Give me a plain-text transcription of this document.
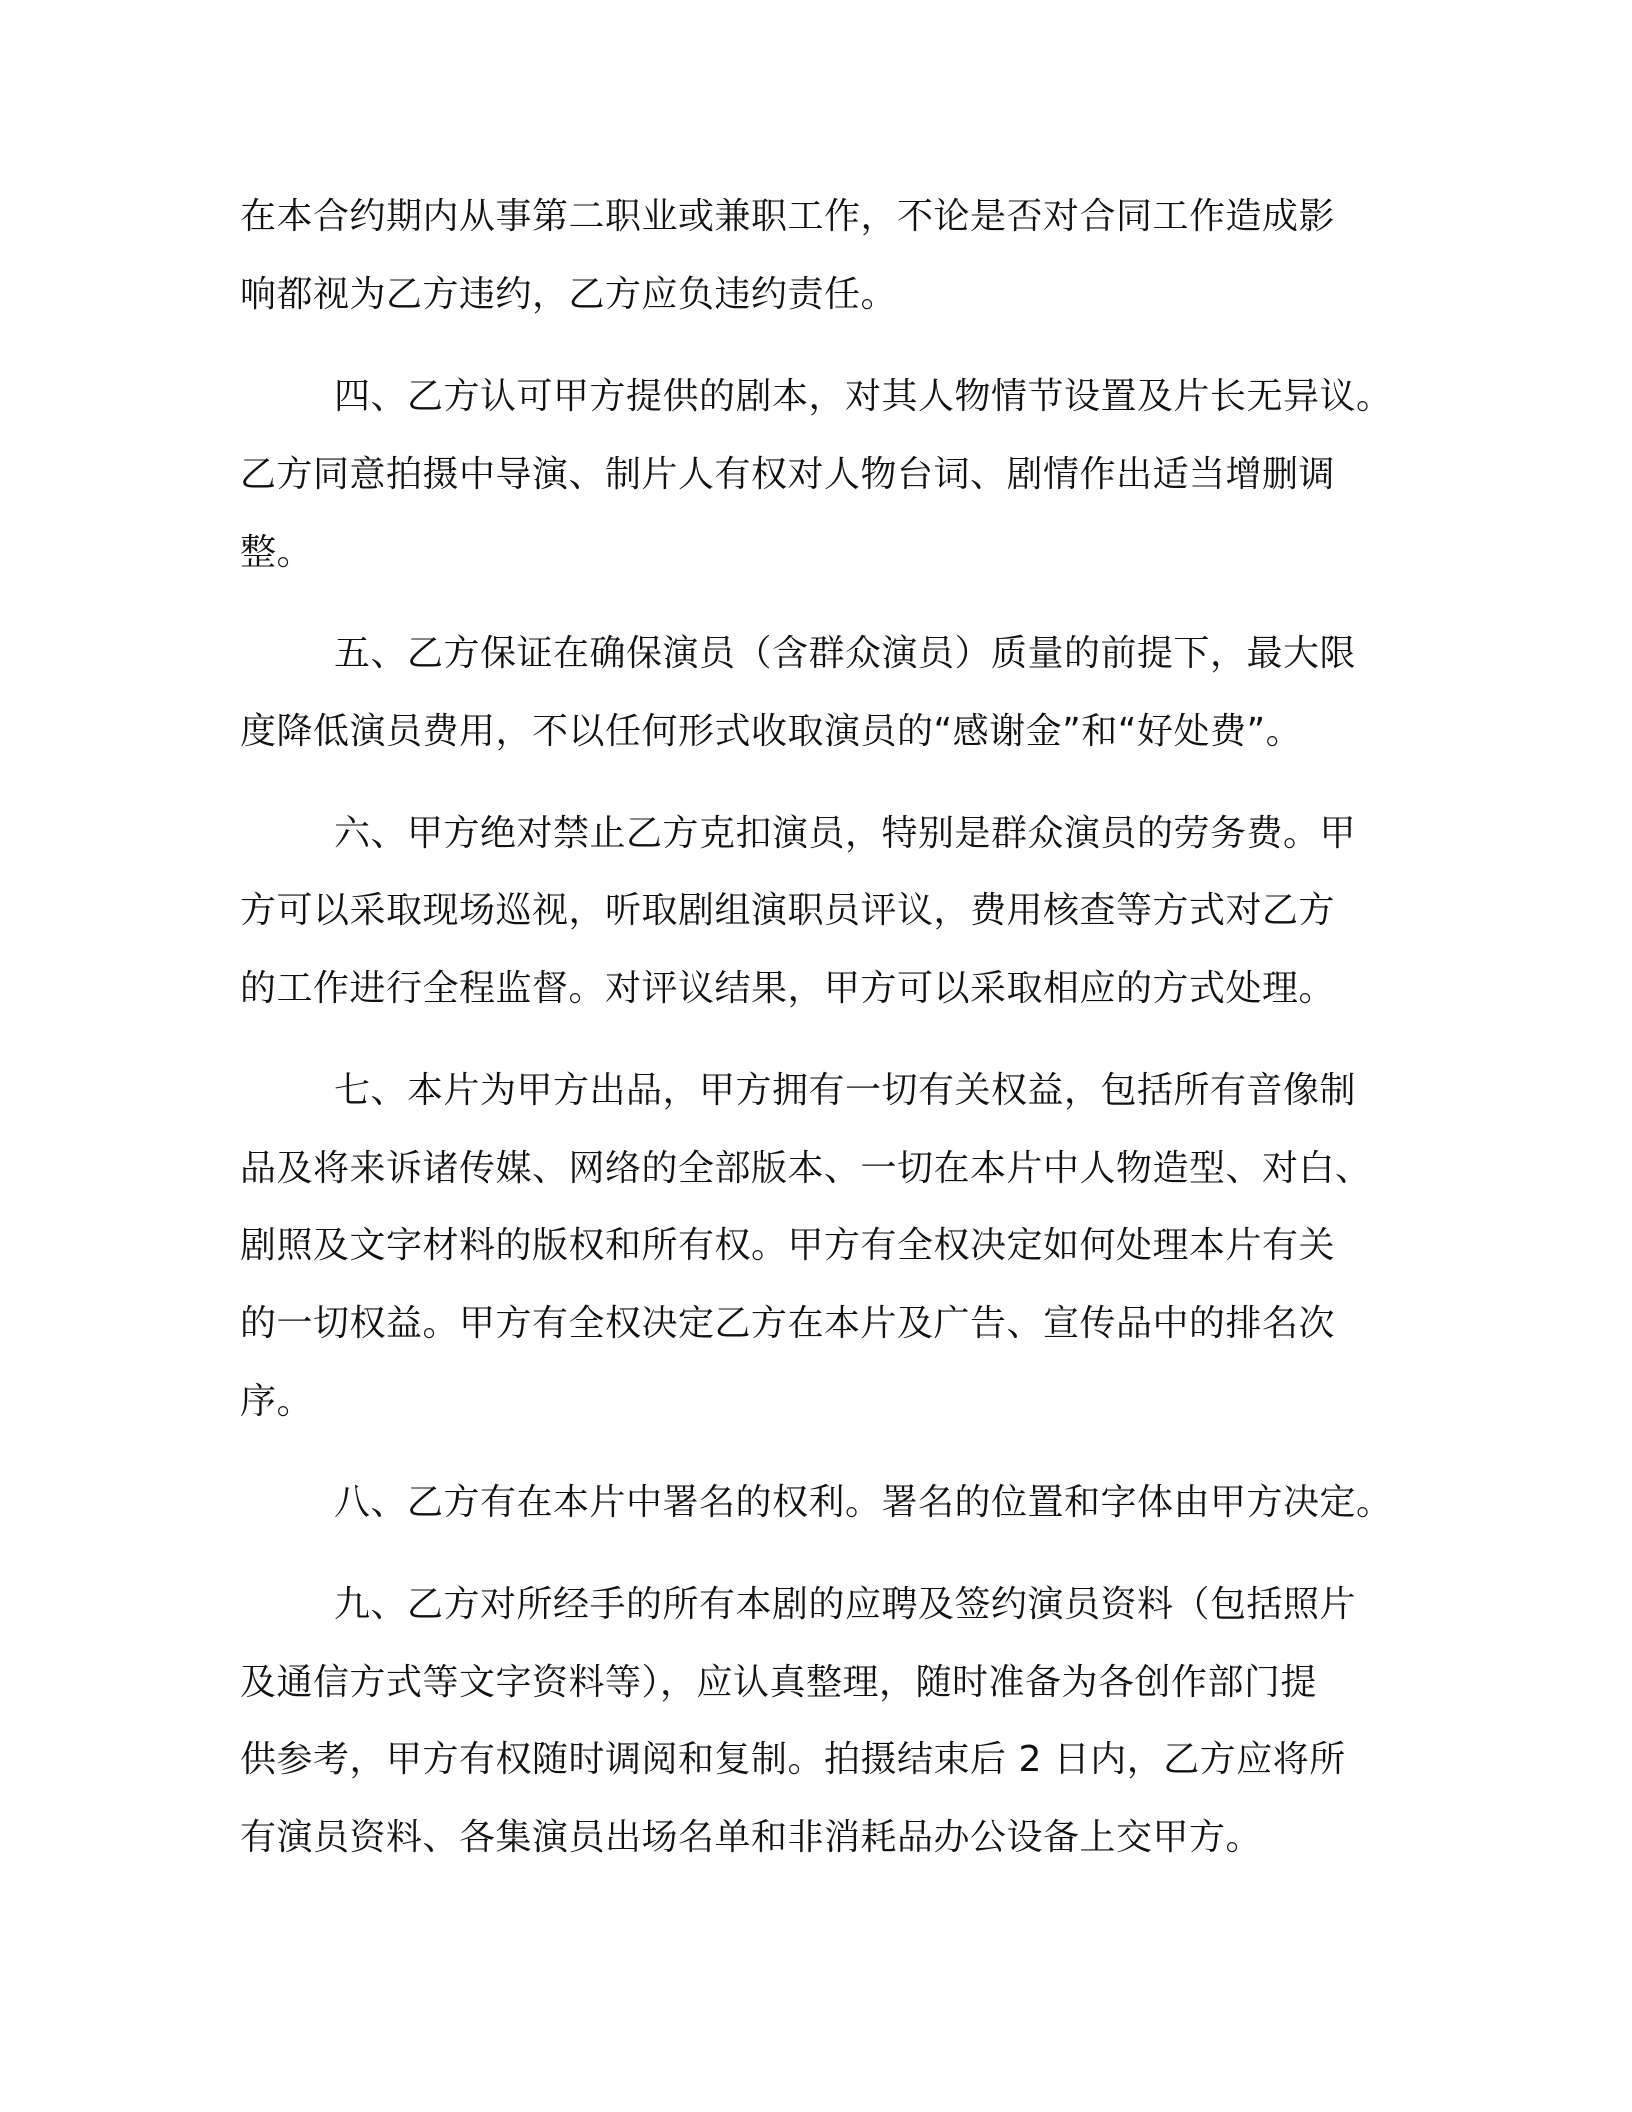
在本合约期内从事第二职业或兼职工作，不论是否对合同工作造成影
响都视为乙方违约，乙方应负违约责任。
四、乙方认可甲方提供的剧本，对其人物情节设置及片长无异议。
乙方同意拍摄中导演、制片人有权对人物台词、剧情作出适当增删调
整。
五、乙方保证在确保演员（含群众演员）质量的前提下，最大限
度降低演员费用，不以任何形式收取演员的“感谢金”和“好处费”。
六、甲方绝对禁止乙方克扣演员，特别是群众演员的劳务费。甲
方可以采取现场巡视，听取剧组演职员评议，费用核查等方式对乙方
的工作进行全程监督。对评议结果，甲方可以采取相应的方式处理。
七、本片为甲方出品，甲方拥有一切有关权益，包括所有音像制
品及将来诉诸传媒、网络的全部版本、一切在本片中人物造型、对白、
剧照及文字材料的版权和所有权。甲方有全权决定如何处理本片有关
的一切权益。甲方有全权决定乙方在本片及广告、宣传品中的排名次
序。
八、乙方有在本片中署名的权利。署名的位置和字体由甲方决定。
九、乙方对所经手的所有本剧的应聘及签约演员资料（包括照片
及通信方式等文字资料等），应认真整理，随时准备为各创作部门提
供参考，甲方有权随时调阅和复制。拍摄结束后 2 日内，乙方应将所
有演员资料、各集演员出场名单和非消耗品办公设备上交甲方。
